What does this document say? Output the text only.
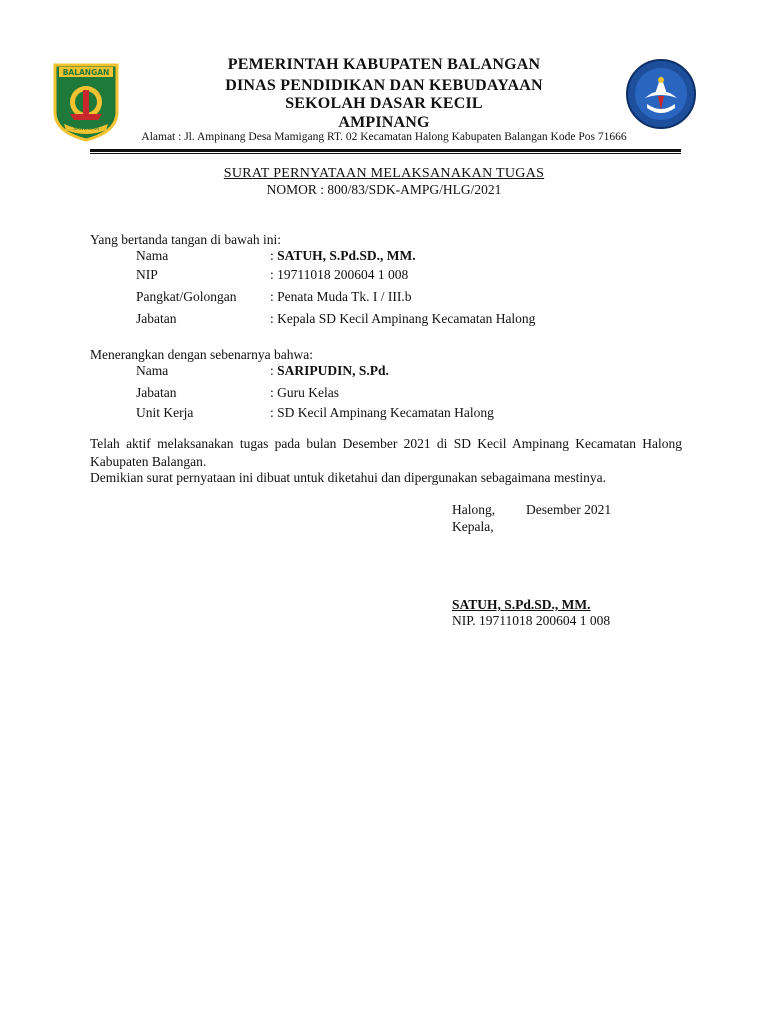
BALANGAN
SANGGAM
PEMERINTAH KABUPATEN BALANGAN
DINAS PENDIDIKAN DAN KEBUDAYAAN
SEKOLAH DASAR KECIL
AMPINANG
Alamat : Jl. Ampinang Desa Mamigang RT. 02 Kecamatan Halong Kabupaten Balangan Kode Pos 71666
SURAT PERNYATAAN MELAKSANAKAN TUGAS
NOMOR : 800/83/SDK-AMPG/HLG/2021
Yang bertanda tangan di bawah ini:
Nama	: SATUH, S.Pd.SD., MM.
NIP	: 19711018 200604 1 008
Pangkat/Golongan : Penata Muda Tk. I / III.b
Jabatan	: Kepala SD Kecil Ampinang Kecamatan Halong
Menerangkan dengan sebenarnya bahwa:
Nama	: SARIPUDIN, S.Pd.
Jabatan	: Guru Kelas
Unit Kerja	: SD Kecil Ampinang Kecamatan Halong
Telah aktif melaksanakan tugas pada bulan Desember 2021 di SD Kecil Ampinang Kecamatan Halong Kabupaten Balangan.
Demikian surat pernyataan ini dibuat untuk diketahui dan dipergunakan sebagaimana mestinya.
Halong, Desember 2021
Kepala,
SATUH, S.Pd.SD., MM.
NIP. 19711018 200604 1 008
